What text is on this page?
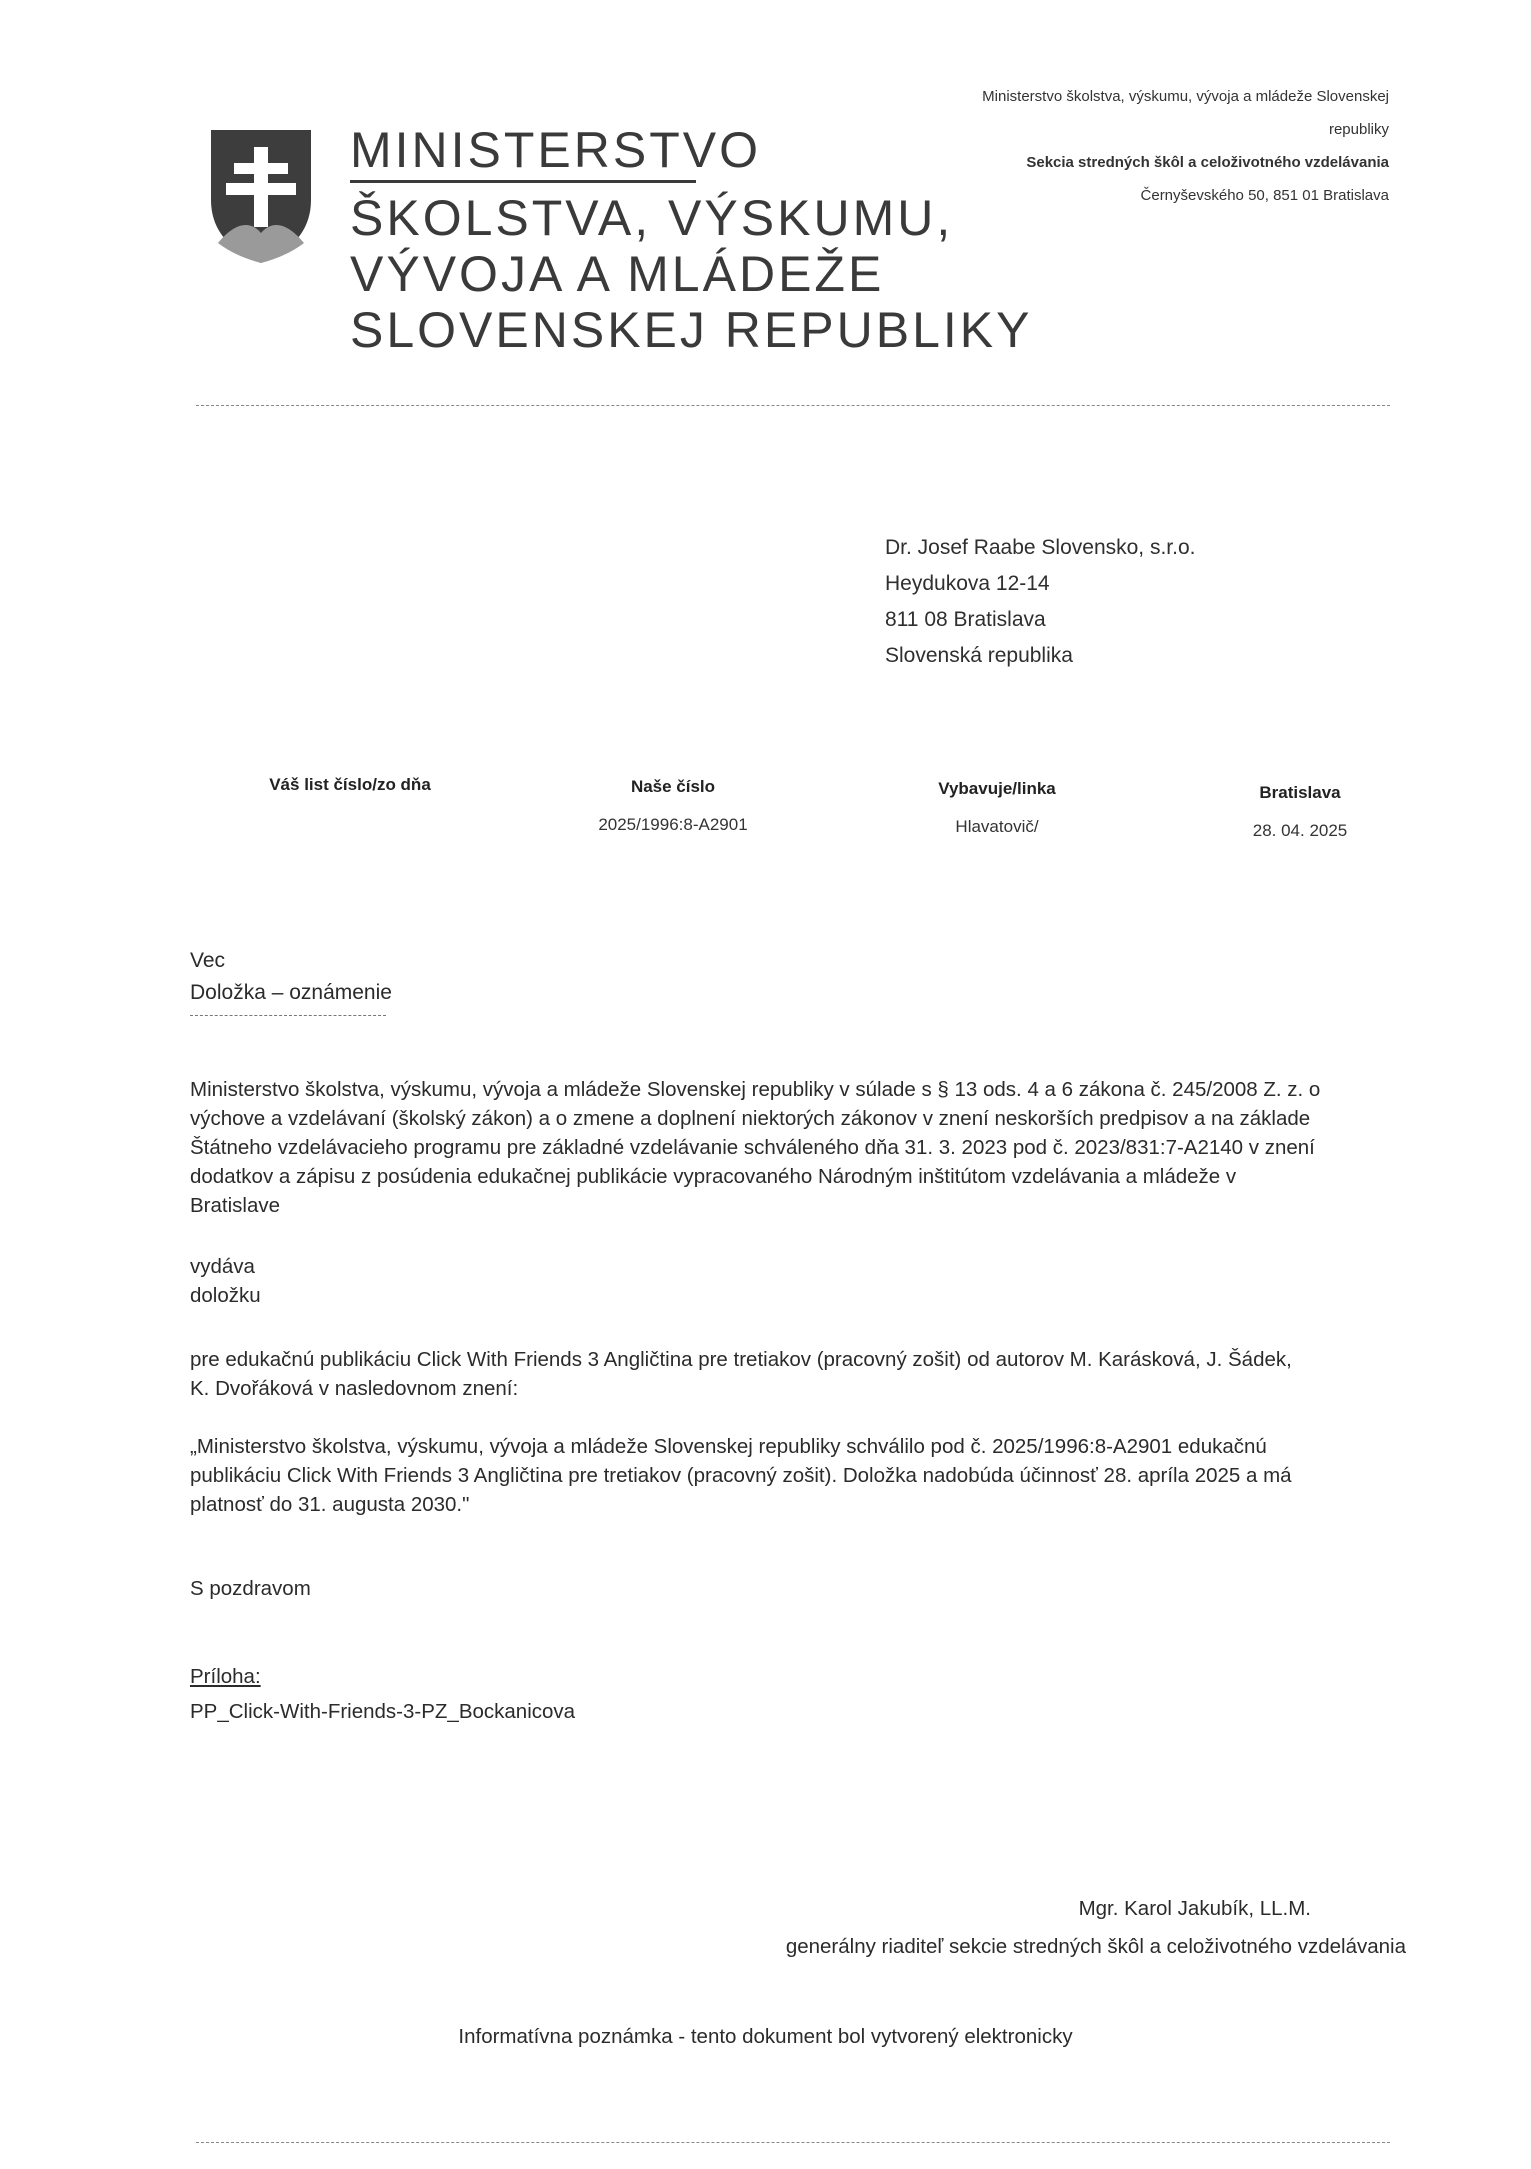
MINISTERSTVO
ŠKOLSTVA, VÝSKUMU,
VÝVOJA A MLÁDEŽE
SLOVENSKEJ REPUBLIKY
Ministerstvo školstva, výskumu, vývoja a mládeže Slovenskej
republiky
Sekcia stredných škôl a celoživotného vzdelávania
Černyševského 50, 851 01 Bratislava
Dr. Josef Raabe Slovensko, s.r.o.
Heydukova 12-14
811 08 Bratislava
Slovenská republika
Váš list číslo/zo dňa	Naše číslo
2025/1996:8-A2901
Vybavuje/linka
Hlavatovič/
Bratislava
28. 04. 2025
Vec
Doložka – oznámenie
Ministerstvo školstva, výskumu, vývoja a mládeže Slovenskej republiky v súlade s § 13 ods. 4 a 6 zákona č. 245/2008 Z. z. o
výchove a vzdelávaní (školský zákon) a o zmene a doplnení niektorých zákonov v znení neskorších predpisov a na základe
Štátneho vzdelávacieho programu pre základné vzdelávanie schváleného dňa 31. 3. 2023 pod č. 2023/831:7-A2140 v znení
dodatkov a zápisu z posúdenia edukačnej publikácie vypracovaného Národným inštitútom vzdelávania a mládeže v
Bratislave
vydáva
doložku
pre edukačnú publikáciu Click With Friends 3 Angličtina pre tretiakov (pracovný zošit) od autorov M. Karásková, J. Šádek,
K. Dvořáková v nasledovnom znení:
„Ministerstvo školstva, výskumu, vývoja a mládeže Slovenskej republiky schválilo pod č. 2025/1996:8-A2901 edukačnú
publikáciu Click With Friends 3 Angličtina pre tretiakov (pracovný zošit). Doložka nadobúda účinnosť 28. apríla 2025 a má
platnosť do 31. augusta 2030."
S pozdravom
Príloha:
PP_Click-With-Friends-3-PZ_Bockanicova
Mgr. Karol Jakubík, LL.M.
generálny riaditeľ sekcie stredných škôl a celoživotného vzdelávania
Informatívna poznámka - tento dokument bol vytvorený elektronicky
